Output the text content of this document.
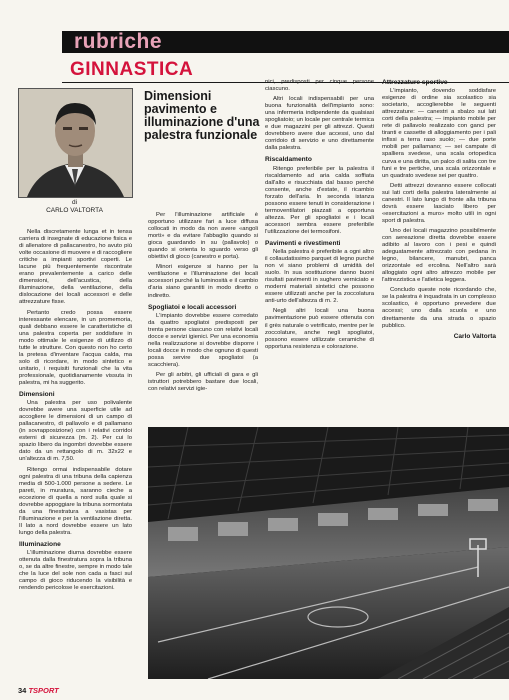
rubriche
GINNASTICA
di
CARLO VALTORTA
Dimensioni pavimento e illuminazione d'una palestra funzionale

Nella discretamente lunga et in tensa carriera di insegnate di educazione fisica e di allenatore di pallacanestro, ho avuto più volte occasione di muovere e di raccogliere critiche a impianti sportivi coperti. Le lacune più frequentemente riscontrate erano prevalentemente a carico delle dimensioni, dell'acustica, della illuminazione, della ventilazione, della dislocazione dei locali accessori e delle attrezzature fisse.

Pertanto credo possa essere interessante elencare, in un promemoria, quali debbano essere le caratteristiche di una palestra coperta per soddisfare in modo ottimale le esigenze di utilizzo di tutte le strutture. Con questo non ho certo la pretesa d'inventare l'acqua calda, ma solo di ricordare, in modo sintetico e unitario, i requisiti funzionali che la vita professionale, quotidianamente vissuta in palestra, mi ha suggerito.

Dimensioni

Una palestra per uso polivalente dovrebbe avere una superficie utile ad accogliere le dimensioni di un campo di pallacanestro, di pallavolo e di pallamano (in sovrapposizione) con i relativi corridoi esterni di sicurezza (m. 2). Per cui lo spazio libero da ingombri dovrebbe essere dato da un rettangolo di m. 32x22 e un'altezza di m. 7,50.

Ritengo ormai indispensabile dotare ogni palestra di una tribuna della capienza media di 500-1.000 persone a sedere. Le pareti, in muratura, saranno cieche a eccezione di quella a nord sulla quale si dovrebbe appoggiare la tribuna sormontata da una finestratura a vasistas per l'illuminazione e per la ventilazione diretta. Il lato a nord dovrebbe essere un lato lungo della palestra.

Illuminazione

L'illuminazione diurna dovrebbe essere ottenuta dalla finestratura sopra la tribuna o, se da altre finestre, sempre in modo tale che la luce del sole non cada a fasci sul campo di gioco riducendo la visibilità e rendendo pericolose le esercitazioni.

Per l'illuminazione artificiale è opportuno utilizzare fari a luce diffusa collocati in modo da non avere «angoli morti» e da evitare l'abbaglio quando si gioca guardando in su (pallavolo) o quando si orienta lo sguardo verso gli obiettivi di gioco (canestro e porta).

Minori esigenze si hanno per la ventilazione e l'illuminazione dei locali accessori purché la luminosità e il cambio d'aria siano garantiti in modo diretto o indiretto.

Spogliatoi e locali accessori

L'impianto dovrebbe essere corredato da quattro spogliatoi predisposti per trenta persone ciascuno con relativi locali docce e servizi igienici. Per una economia nella realizzazione si dovrebbe disporre i locali docce in modo che ognuno di questi possa servire due spogliatoi (a scacchiera).

Per gli arbitri, gli ufficiali di gara e gli istruttori potrebbero bastare due locali, con relativi servizi igie-

nici, predisposti per cinque persone ciascuno.

Altri locali indispensabili per una buona funzionalità dell'impianto sono: una infermeria indipendente da qualsiasi spogliatoio; un locale per centrale termica e due magazzini per gli attrezzi. Questi dovrebbero avere due accessi, uno dal corridoio di servizio e uno direttamente dalla palestra.

Riscaldamento

Ritengo preferibile per la palestra il riscaldamento ad aria calda soffiata dall'alto e risucchiata dal basso perché consente, anche d'estate, il ricambio forzato dell'aria. In seconda istanza possono essere tenuti in considerazione i termoventilatori piazzati a opportuna altezza. Per gli spogliatoi e i locali accessori sembra essere preferibile l'utilizzazione dei termosifoni.

Pavimenti e rivestimenti

Nella palestra è preferibile a ogni altro il collaudatissimo parquet di legno purché non vi siano problemi di umidità del suolo. In sua sostituzione danno buoni risultati pavimenti in sughero verniciato e moderni materiali sintetici che possono essere utilizzati anche per la zoccolatura anti-urto dell'altezza di m. 2.

Negli altri locali una buona pavimentazione può essere ottenuta con il grès naturale o vetrificato, mentre per le zoccolature, anche negli spogliatoi, possono essere utilizzate ceramiche di opportuna resistenza e colorazione.

Attrezzature sportive

L'impianto, dovendo soddisfare esigenze di ordine sia scolastico sia societario, accoglierebbe le seguenti attrezzature: — canestri a sbalzo sui lati corti della palestra; — impianto mobile per rete di pallavolo realizzato con ganci per tiranti e cassette di alloggiamento per i pali infissi a terra raso suolo; — due porte mobili per pallamano; — sei campate di spalliera svedese, una scala ortopedica curva e una diritta, un palco di salita con tre funi e tre pertiche, una scala orizzontale e un quadrato svedese sei per quattro.

Detti attrezzi dovranno essere collocati sui lati corti della palestra lateralmente ai canestri. Il lato lungo di fronte alla tribuna dovrà essere lasciato libero per «esercitazioni a muro» molto utili in ogni sport di palestra.

Uno dei locali magazzino possibilmente con aereazione diretta dovrebbe essere adibito al lavoro con i pesi e quindi adeguatamente attrezzato con pedana in legno, bilancere, manubri, panca orizzontale ed ercolina. Nell'altro sarà alloggiato ogni altro attrezzo mobile per l'attrezzistica e l'atletica leggera.

Concludo queste note ricordando che, se la palestra è inquadrata in un complesso scolastico, è opportuno prevedere due accessi; uno dalla scuola e uno direttamente da una strada o spazio pubblico.

Carlo Valtorta

34 TSPORT
